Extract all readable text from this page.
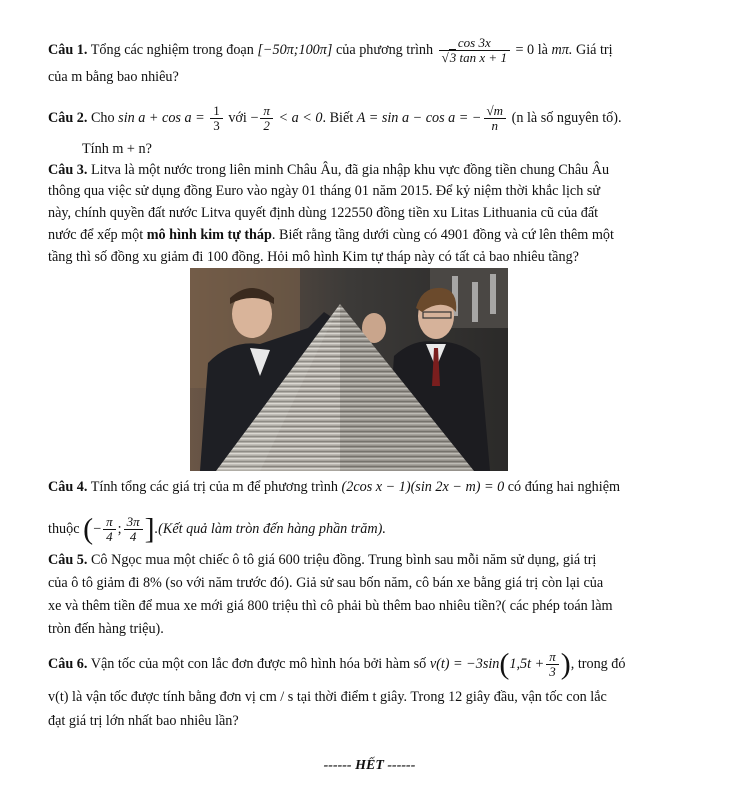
Câu 1. Tổng các nghiệm trong đoạn [−50π;100π] của phương trình $\frac{\cos 3x}{\text{√3 tan x + 1}} = 0$ là mπ. Giá trị
của m bằng bao nhiêu?
Câu 2. Cho $\sin a + \cos a = \frac{1}{3}$ với − $\frac{\pi}{2} < a < 0$. Biết A = sin a − cos a = − $\frac{√m}{n} (n$ là số nguyên tố).
Tính m + n?
Câu 3. Litva là một nước trong liên minh Châu Âu, đã gia nhập khu vực đồng tiền chung Châu Âu
thông qua việc sử dụng đồng Euro vào ngày 01 tháng 01 năm 2015. Để kỷ niệm thời khắc lịch sử
này, chính quyền đất nước Litva quyết định dùng 122550 đồng tiền xu Litas Lithuania cũ của đất
nước để xếp một mô hình kim tự tháp. Biết rằng tầng dưới cùng có 4901 đồng và cứ lên thêm một
tầng thì số đồng xu giảm đi 100 đồng. Hỏi mô hình Kim tự tháp này có tất cả bao nhiêu tầng?
Câu 4. Tính tổng các giá trị của m để phương trình (2cos x − 1)(sin 2x − m) = 0 có đúng hai nghiệm
thuộc (− $\frac{\pi}{4}$ ; $\frac{3\pi}{4}$ ].(Kết quả làm tròn đến hàng phần trăm).
Câu 5. Cô Ngọc mua một chiếc ô tô giá 600 triệu đồng. Trung bình sau mỗi năm sử dụng, giá trị
của ô tô giảm đi 8% (so với năm trước đó). Giả sử sau bốn năm, cô bán xe bằng giá trị còn lại của
xe và thêm tiền để mua xe mới giá 800 triệu thì cô phải bù thêm bao nhiêu tiền?( các phép toán làm
tròn đến hàng triệu).
Câu 6. Vận tốc của một con lắc đơn được mô hình hóa bởi hàm số $v(t) = -3\sin(1,5t + \frac{\pi}{3}$ ), trong đó
v(t) là vận tốc được tính bằng đơn vị cm / s tại thời điểm t giây. Trong 12 giây đầu, vận tốc con lắc
đạt giá trị lớn nhất bao nhiêu lần?
------ HẾT ------
